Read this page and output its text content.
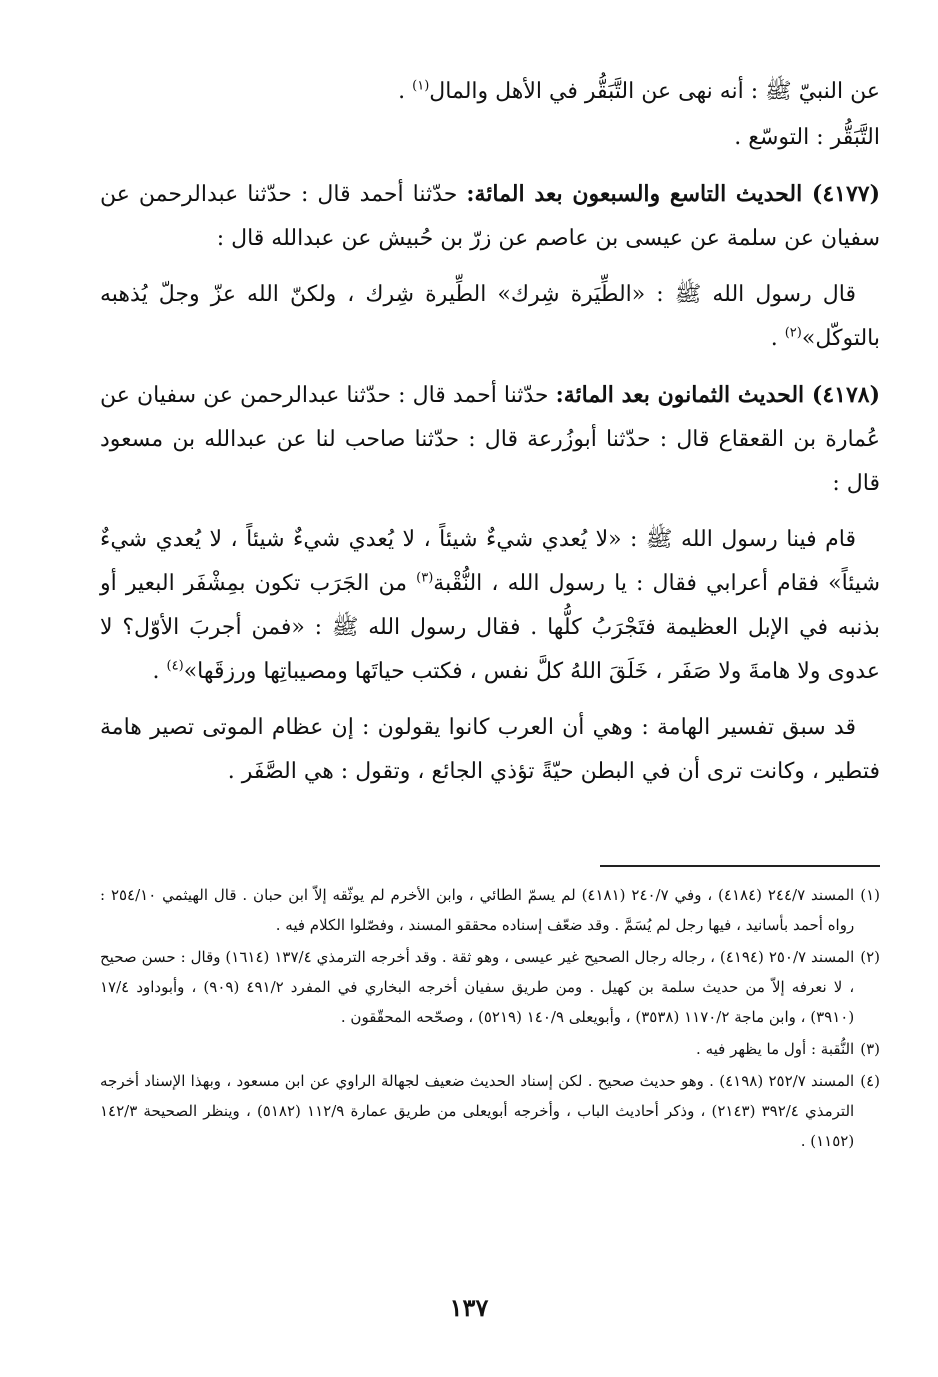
عن النبيّ ﷺ : أنه نهى عن التَّبَقُّر في الأهل والمال$^{(١)}$ .

التَّبَقُّر : التوسّع .

(٤١٧٧) الحديث التاسع والسبعون بعد المائة: حدّثنا أحمد قال : حدّثنا عبدالرحمن عن سفيان عن سلمة عن عيسى بن عاصم عن زرّ بن حُبيش عن عبدالله قال :

قال رسول الله ﷺ : «الطِّيَرة شِرك» الطِّيرة شِرك ، ولكنّ الله عزّ وجلّ يُذهبه بالتوكّل»$^{(٢)}$ .

(٤١٧٨) الحديث الثمانون بعد المائة: حدّثنا أحمد قال : حدّثنا عبدالرحمن عن سفيان عن عُمارة بن القعقاع قال : حدّثنا أبوزُرعة قال : حدّثنا صاحب لنا عن عبدالله بن مسعود قال :

قام فينا رسول الله ﷺ : «لا يُعدي شيءٌ شيئاً ، لا يُعدي شيءٌ شيئاً ، لا يُعدي شيءٌ شيئاً» فقام أعرابي فقال : يا رسول الله ، النُّقْبة$^{(٣)}$ من الجَرَب تكون بمِشْفَر البعير أو بذنبه في الإبل العظيمة فتَجْرَبُ كلُّها . فقال رسول الله ﷺ : «فمن أجربَ الأوّل؟ لا عدوى ولا هامةَ ولا صَفَر ، خَلَقَ اللهُ كلَّ نفس ، فكتب حياتَها ومصيباتِها ورزقَها»$^{(٤)}$ .

قد سبق تفسير الهامة : وهي أن العرب كانوا يقولون : إن عظام الموتى تصير هامة فتطير ، وكانت ترى أن في البطن حيّةً تؤذي الجائع ، وتقول : هي الصَّفَر .

(١)
المسند ٢٤٤/٧ (٤١٨٤) ، وفي ٢٤٠/٧ (٤١٨١) لم يسمّ الطائي ، وابن الأخرم لم يوثّقه إلاّ ابن حبان . قال الهيثمي ٢٥٤/١٠ : رواه أحمد بأسانيد ، فيها رجل لم يُسَمَّ . وقد ضعّف إسناده محققو المسند ، وفصّلوا الكلام فيه .
(٢)
المسند ٢٥٠/٧ (٤١٩٤) ، رجاله رجال الصحيح غير عيسى ، وهو ثقة . وقد أخرجه الترمذي ١٣٧/٤ (١٦١٤) وقال : حسن صحيح ، لا نعرفه إلاّ من حديث سلمة بن كهيل . ومن طريق سفيان أخرجه البخاري في المفرد ٤٩١/٢ (٩٠٩) ، وأبوداود ١٧/٤ (٣٩١٠) ، وابن ماجة ١١٧٠/٢ (٣٥٣٨) ، وأبويعلى ١٤٠/٩ (٥٢١٩) ، وصحّحه المحقّقون .
(٣)
النُّقبة : أول ما يظهر فيه .
(٤)
المسند ٢٥٢/٧ (٤١٩٨) . وهو حديث صحيح . لكن إسناد الحديث ضعيف لجهالة الراوي عن ابن مسعود ، وبهذا الإسناد أخرجه الترمذي ٣٩٢/٤ (٢١٤٣) ، وذكر أحاديث الباب ، وأخرجه أبويعلى من طريق عمارة ١١٢/٩ (٥١٨٢) ، وينظر الصحيحة ١٤٢/٣ (١١٥٢) .
١٣٧
